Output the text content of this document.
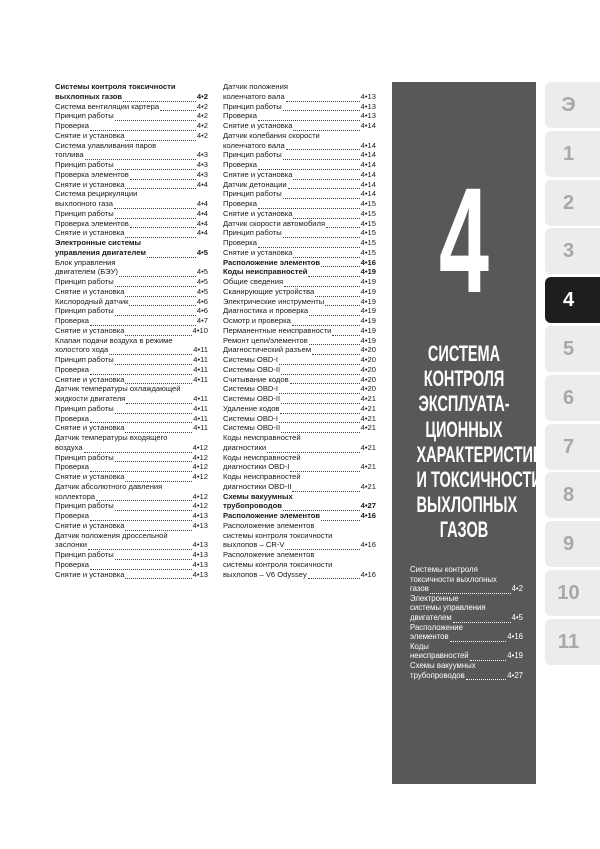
Системы контроля токсичности
выхлопных газов	4•2
Система вентиляции картера	4•2
Принцип работы	4•2
Проверка	4•2
Снятие и установка	4•2
Система улавливания паров
топлива	4•3
Принцип работы	4•3
Проверка элементов	4•3
Снятие и установка	4•4
Система рециркуляции
выхлопного газа	4•4
Принцип работы	4•4
Проверка элементов	4•4
Снятие и установка	4•4
Электронные системы
управления двигателем	4•5
Блок управления
двигателем (БЭУ)	4•5
Принцип работы	4•5
Снятие и установка	4•5
Кислородный датчик	4•6
Принцип работы	4•6
Проверка	4•7
Снятие и установка	4•10
Клапан подачи воздуха в режиме
холостого хода	4•11
Принцип работы	4•11
Проверка	4•11
Снятие и установка	4•11
Датчик температуры охлаждающей
жидкости двигателя	4•11
Принцип работы	4•11
Проверка	4•11
Снятие и установка	4•11
Датчик температуры входящего
воздуха	4•12
Принцип работы	4•12
Проверка	4•12
Снятие и установка	4•12
Датчик абсолютного давления
коллектора	4•12
Принцип работы	4•12
Проверка	4•13
Снятие и установка	4•13
Датчик положения дроссельной
заслонки	4•13
Принцип работы	4•13
Проверка	4•13
Снятие и установка	4•13
Датчик положения
коленчатого вала	4•13
Принцип работы	4•13
Проверка	4•13
Снятие и установка	4•14
Датчик колебания скорости
коленчатого вала	4•14
Принцип работы	4•14
Проверка	4•14
Снятие и установка	4•14
Датчик детонации	4•14
Принцип работы	4•14
Проверка	4•15
Снятие и установка	4•15
Датчик скорости автомобиля	4•15
Принцип работы	4•15
Проверка	4•15
Снятие и установка	4•15
Расположение элементов	4•16
Коды неисправностей	4•19
Общие сведения	4•19
Сканирующие устройства	4•19
Электрические инструменты	4•19
Диагностика и проверка	4•19
Осмотр и проверка	4•19
Перманентные неисправности	4•19
Ремонт цепи/элементов	4•19
Диагностический разъем	4•20
Системы OBD-I	4•20
Системы OBD-II	4•20
Считывание кодов	4•20
Системы OBD-I	4•20
Системы OBD-II	4•21
Удаление кодов	4•21
Системы OBD-I	4•21
Системы OBD-II	4•21
Коды неисправностей
диагностики	4•21
Коды неисправностей
диагностики OBD-I	4•21
Коды неисправностей
диагностики OBD-II	4•21
Схемы вакуумных
трубопроводов	4•27
Расположение элементов	4•16
Расположение элементов
системы контроля токсичности
выхлопов – CR-V	4•16
Расположение элементов
системы контроля токсичности
выхлопов – V6 Odyssey	4•16
4
СИСТЕМА
КОНТРОЛЯ
ЭКСПЛУАТА-
ЦИОННЫХ
ХАРАКТЕРИСТИК
И ТОКСИЧНОСТИ
ВЫХЛОПНЫХ
ГАЗОВ
Системы контроля
токсичности выхлопных
газов	4•2
Электронные
системы управления
двигателем	4•5
Расположение
элементов	4•16
Коды
неисправностей	4•19
Схемы вакуумных
трубопроводов	4•27
Э
1
2
3
4
5
6
7
8
9
10
11
